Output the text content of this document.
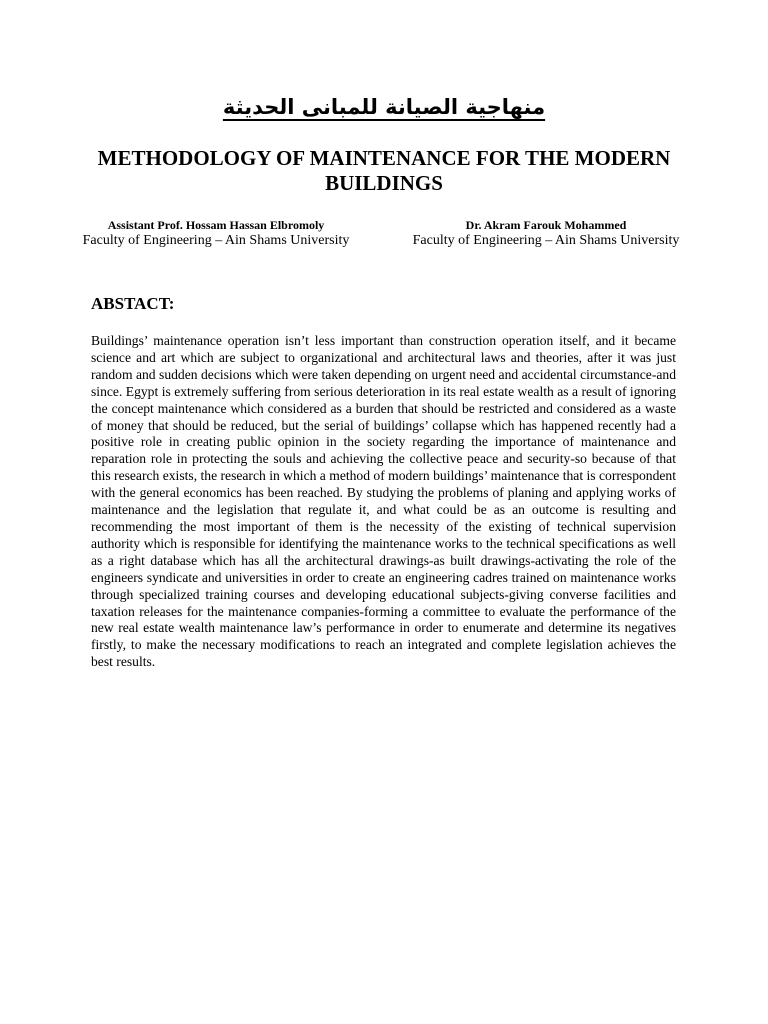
منهاجية الصيانة للمبانى الحديثة
METHODOLOGY OF MAINTENANCE FOR THE MODERN BUILDINGS
Assistant Prof. Hossam Hassan Elbromoly
Faculty of Engineering – Ain Shams University
Dr. Akram Farouk Mohammed
Faculty of Engineering – Ain Shams University
ABSTACT:
Buildings’ maintenance operation isn’t less important than construction operation itself, and it became science and art which are subject to organizational and architectural laws and theories, after it was just random and sudden decisions which were taken depending on urgent need and accidental circumstance-and since. Egypt is extremely suffering from serious deterioration in its real estate wealth as a result of ignoring the concept maintenance which considered as a burden that should be restricted and considered as a waste of money that should be reduced, but the serial of buildings’ collapse which has happened recently had a positive role in creating public opinion in the society regarding the importance of maintenance and reparation role in protecting the souls and achieving the collective peace and security-so because of that this research exists, the research in which a method of modern buildings’ maintenance that is correspondent with the general economics has been reached. By studying the problems of planing and applying works of maintenance and the legislation that regulate it, and what could be as an outcome is resulting and recommending the most important of them is the necessity of the existing of technical supervision authority which is responsible for identifying the maintenance works to the technical specifications as well as a right database which has all the architectural drawings-as built drawings-activating the role of the engineers syndicate and universities in order to create an engineering cadres trained on maintenance works through specialized training courses and developing educational subjects-giving converse facilities and taxation releases for the maintenance companies-forming a committee to evaluate the performance of the new real estate wealth maintenance law’s performance in order to enumerate and determine its negatives firstly, to make the necessary modifications to reach an integrated and complete legislation achieves the best results.
